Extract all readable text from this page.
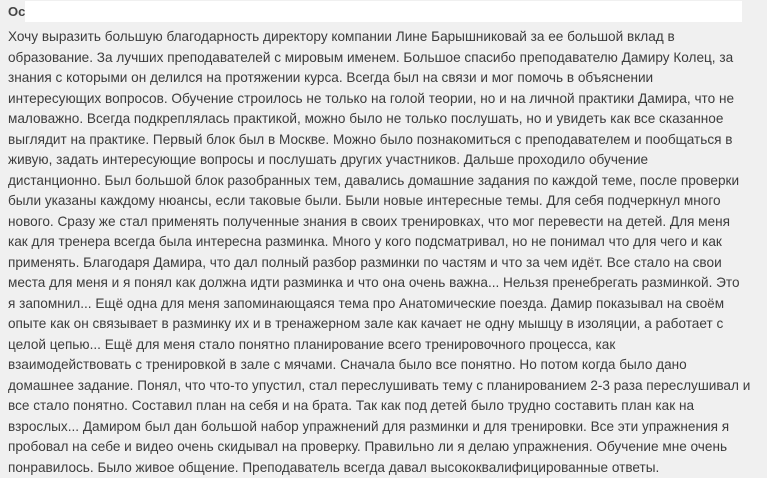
Ос

Хочу выразить большую благодарность директору компании Лине Барышниковай за ее большой вклад в
образование. За лучших преподавателей с мировым именем. Большое спасибо преподавателю Дамиру Колец, за
знания с которыми он делился на протяжении курса. Всегда был на связи и мог помочь в объяснении
интересующих вопросов. Обучение строилось не только на голой теории, но и на личной практики Дамира, что не
маловажно. Всегда подкреплялась практикой, можно было не только послушать, но и увидеть как все сказанное
выглядит на практике. Первый блок был в Москве. Можно было познакомиться с преподавателем и пообщаться в
живую, задать интересующие вопросы и послушать других участников. Дальше проходило обучение
дистанционно. Был большой блок разобранных тем, давались домашние задания по каждой теме, после проверки
были указаны каждому нюансы, если таковые были. Были новые интересные темы. Для себя подчеркнул много
нового. Сразу же стал применять полученные знания в своих тренировках, что мог перевести на детей. Для меня
как для тренера всегда была интересна разминка. Много у кого подсматривал, но не понимал что для чего и как
применять. Благодаря Дамира, что дал полный разбор разминки по частям и что за чем идёт. Все стало на свои
места для меня и я понял как должна идти разминка и что она очень важна... Нельзя пренебрегать разминкой. Это
я запомнил... Ещё одна для меня запоминающаяся тема про Анатомические поезда. Дамир показывал на своём
опыте как он связывает в разминку их и в тренажерном зале как качает не одну мышцу в изоляции, а работает с
целой цепью... Ещё для меня стало понятно планирование всего тренировочного процесса, как
взаимодействовать с тренировкой в зале с мячами. Сначала было все понятно. Но потом когда было дано
домашнее задание. Понял, что что-то упустил, стал переслушивать тему с планированием 2-3 раза переслушивал и
все стало понятно. Составил план на себя и на брата. Так как под детей было трудно составить план как на
взрослых... Дамиром был дан большой набор упражнений для разминки и для тренировки. Все эти упражнения я
пробовал на себе и видео очень скидывал на проверку. Правильно ли я делаю упражнения. Обучение мне очень
понравилось. Было живое общение. Преподаватель всегда давал высококвалифицированные ответы.
